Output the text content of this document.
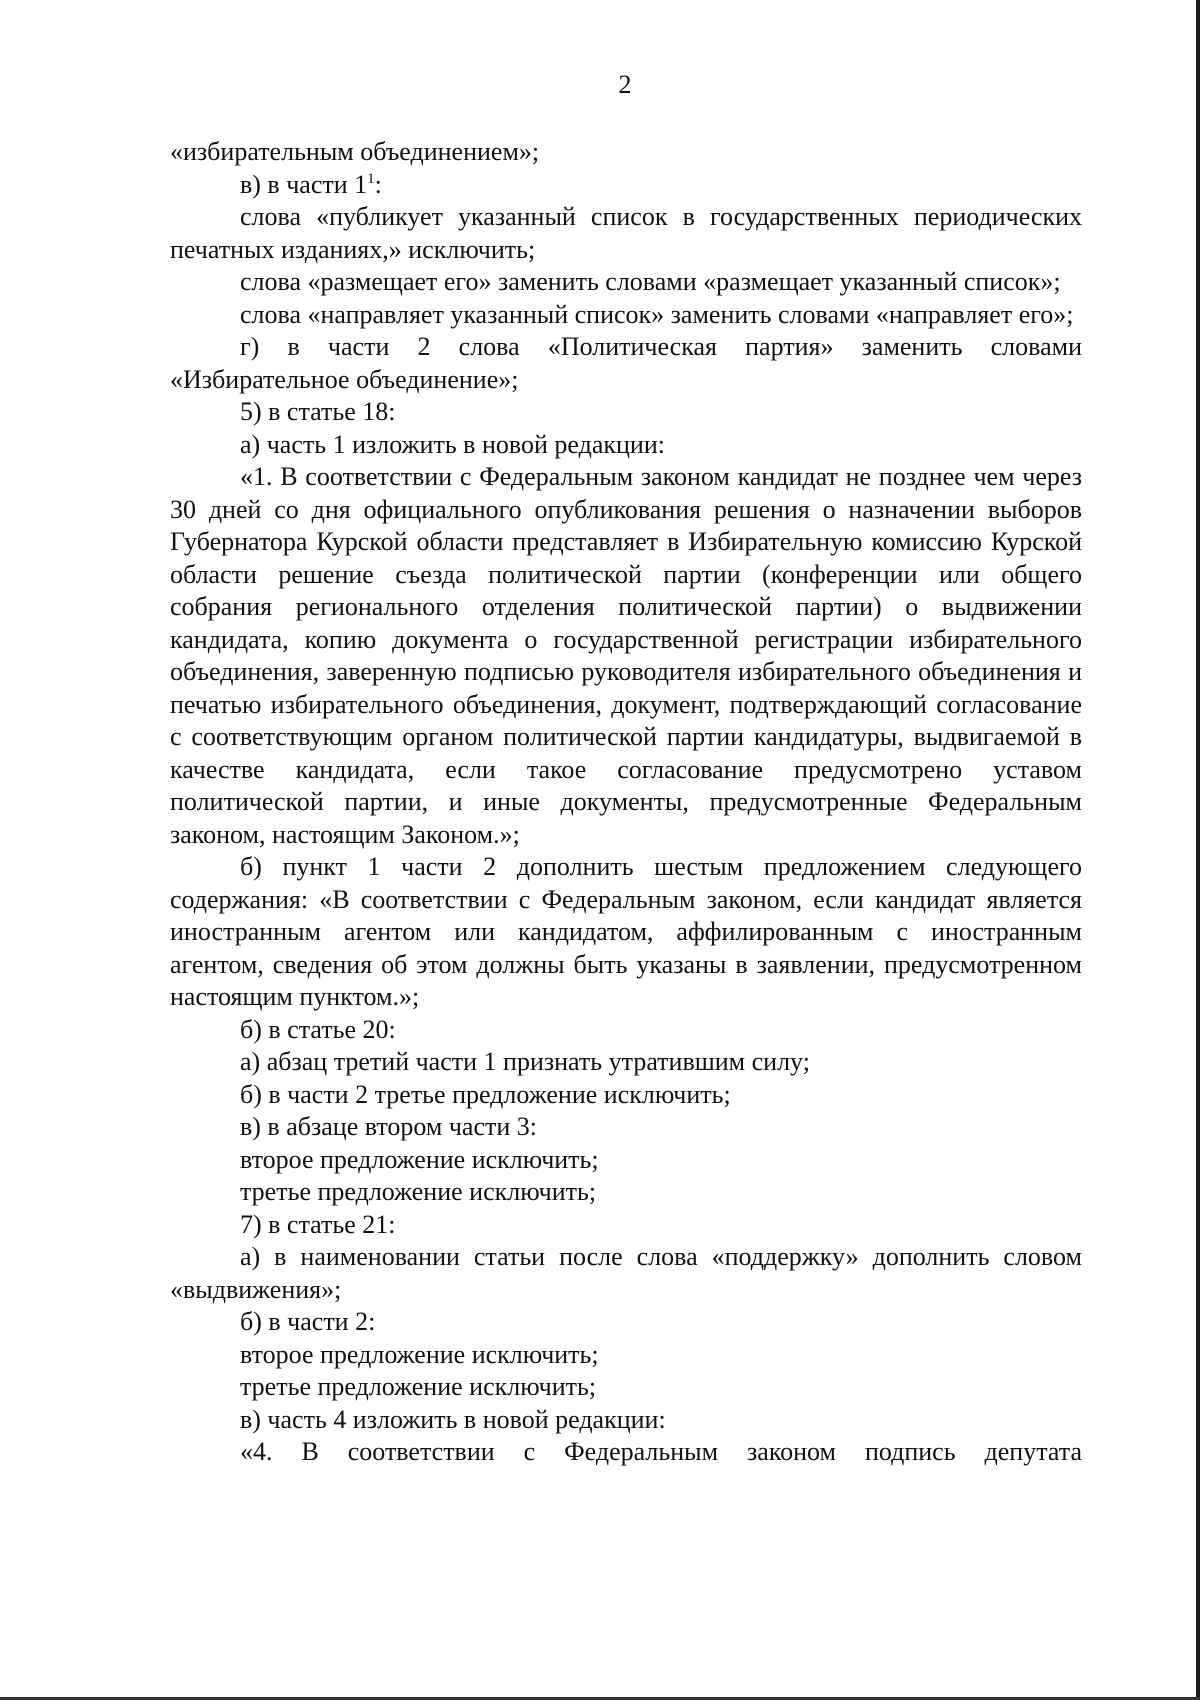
2

«избирательным объединением»;

в) в части $1^1$:

слова «публикует указанный список в государственных периодических печатных изданиях,» исключить;

слова «размещает его» заменить словами «размещает указанный список»;

слова «направляет указанный список» заменить словами «направляет его»;

г) в части 2 слова «Политическая партия» заменить словами «Избирательное объединение»;

5) в статье 18:

а) часть 1 изложить в новой редакции:

«1. В соответствии с Федеральным законом кандидат не позднее чем через 30 дней со дня официального опубликования решения о назначении выборов Губернатора Курской области представляет в Избирательную комиссию Курской области решение съезда политической партии (конференции или общего собрания регионального отделения политической партии) о выдвижении кандидата, копию документа о государственной регистрации избирательного объединения, заверенную подписью руководителя избирательного объединения и печатью избирательного объединения, документ, подтверждающий согласование с соответствующим органом политической партии кандидатуры, выдвигаемой в качестве кандидата, если такое согласование предусмотрено уставом политической партии, и иные документы, предусмотренные Федеральным законом, настоящим Законом.»;

б) пункт 1 части 2 дополнить шестым предложением следующего содержания: «В соответствии с Федеральным законом, если кандидат является иностранным агентом или кандидатом, аффилированным с иностранным агентом, сведения об этом должны быть указаны в заявлении, предусмотренном настоящим пунктом.»;

б) в статье 20:

а) абзац третий части 1 признать утратившим силу;

б) в части 2 третье предложение исключить;

в) в абзаце втором части 3:

второе предложение исключить;

третье предложение исключить;

7) в статье 21:

а) в наименовании статьи после слова «поддержку» дополнить словом «выдвижения»;

б) в части 2:

второе предложение исключить;

третье предложение исключить;

в) часть 4 изложить в новой редакции:

«4. В соответствии с Федеральным законом подпись депутата
